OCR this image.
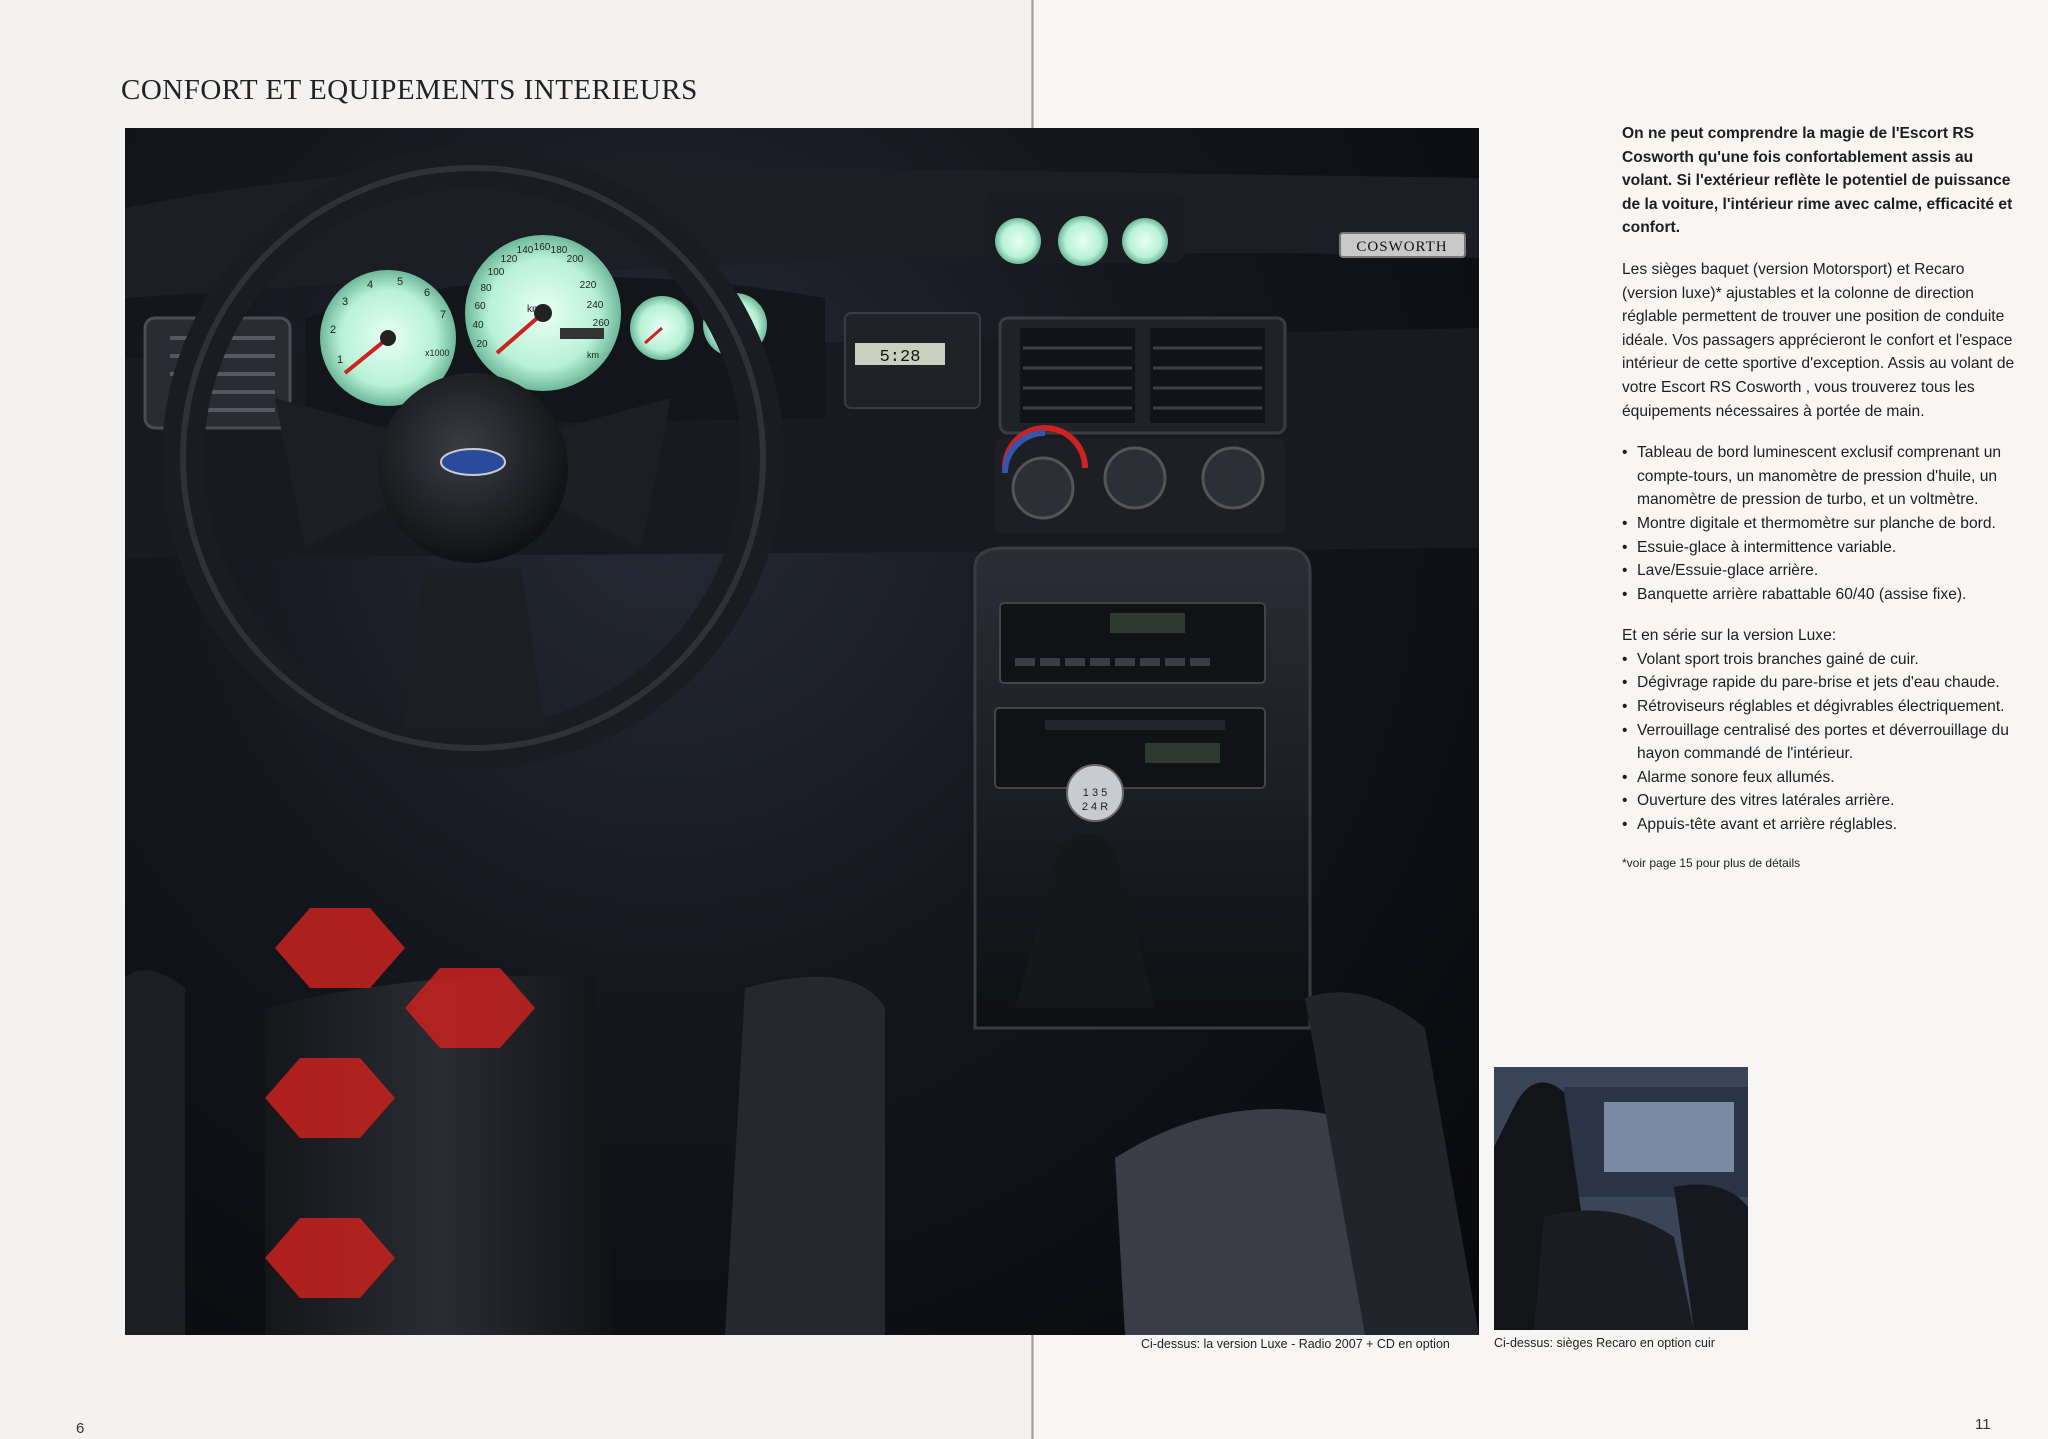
CONFORT ET EQUIPEMENTS INTERIEURS
x1000
1
2
3
4 5
6
7	km/h
km
20
40
60
80
100
120
140 160 180
200
220
240
260
COSWORTH
5:28
1 3 5
2 4 R
Ci-dessus: la version Luxe - Radio 2007 + CD en option	Ci-dessus: sièges Recaro en option cuir

On ne peut comprendre la magie de l'Escort RS Cosworth qu'une fois confortablement assis au volant. Si l'extérieur reflète le potentiel de puissance de la voiture, l'intérieur rime avec calme, efficacité et confort.

Les sièges baquet (version Motorsport) et Recaro (version luxe)* ajustables et la colonne de direction réglable permettent de trouver une position de conduite idéale. Vos passagers apprécieront le confort et l'espace intérieur de cette sportive d'exception. Assis au volant de votre Escort RS Cosworth , vous trouverez tous les équipements nécessaires à portée de main.

• Tableau de bord luminescent exclusif comprenant un compte-tours, un manomètre de pression d'huile, un manomètre de pression de turbo, et un voltmètre.
• Montre digitale et thermomètre sur planche de bord.
• Essuie-glace à intermittence variable.
• Lave/Essuie-glace arrière.
• Banquette arrière rabattable 60/40 (assise fixe).

Et en série sur la version Luxe:

• Volant sport trois branches gainé de cuir.
• Dégivrage rapide du pare-brise et jets d'eau chaude.
• Rétroviseurs réglables et dégivrables électriquement.
• Verrouillage centralisé des portes et déverrouillage du hayon commandé de l'intérieur.
• Alarme sonore feux allumés.
• Ouverture des vitres latérales arrière.
• Appuis-tête avant et arrière réglables.

*voir page 15 pour plus de détails

6	11
